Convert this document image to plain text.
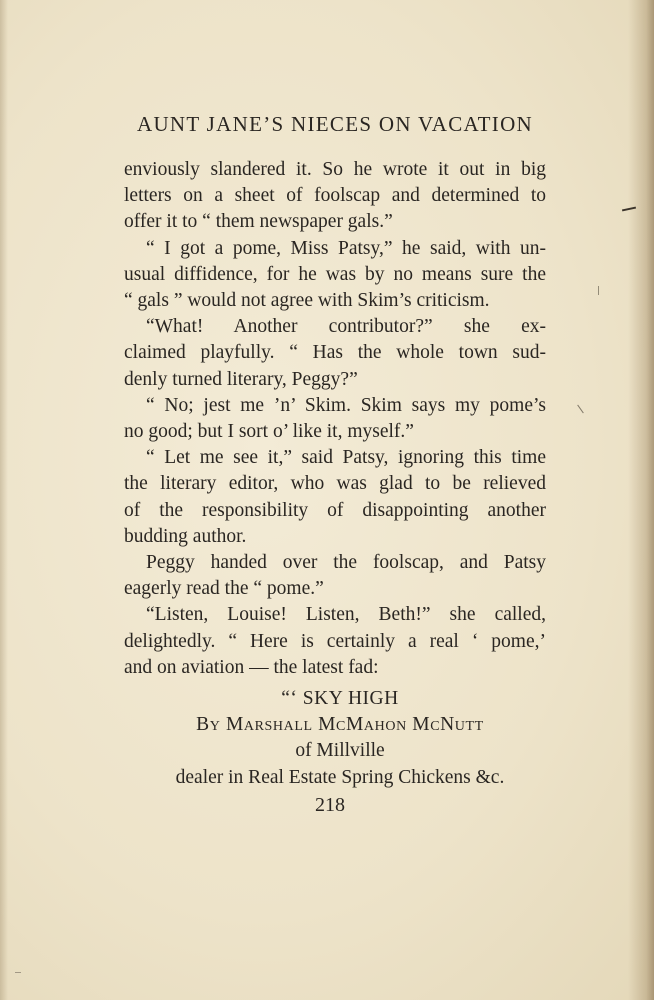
AUNT JANE’S NIECES ON VACATION
enviously slandered it. So he wrote it out in big
letters on a sheet of foolscap and determined to
offer it to “ them newspaper gals.”
“ I got a pome, Miss Patsy,” he said, with un-
usual diffidence, for he was by no means sure the
“ gals ” would not agree with Skim’s criticism.
“What! Another contributor?” she ex-
claimed playfully. “ Has the whole town sud-
denly turned literary, Peggy?”
“ No; jest me ’n’ Skim. Skim says my pome’s
no good; but I sort o’ like it, myself.”
“ Let me see it,” said Patsy, ignoring this time
the literary editor, who was glad to be relieved
of the responsibility of disappointing another
budding author.
Peggy handed over the foolscap, and Patsy
eagerly read the “ pome.”
“Listen, Louise! Listen, Beth!” she called,
delightedly. “ Here is certainly a real ‘ pome,’
and on aviation — the latest fad:
“‘ SKY HIGH
By Marshall McMahon McNutt
of Millville
dealer in Real Estate Spring Chickens &c.
218
